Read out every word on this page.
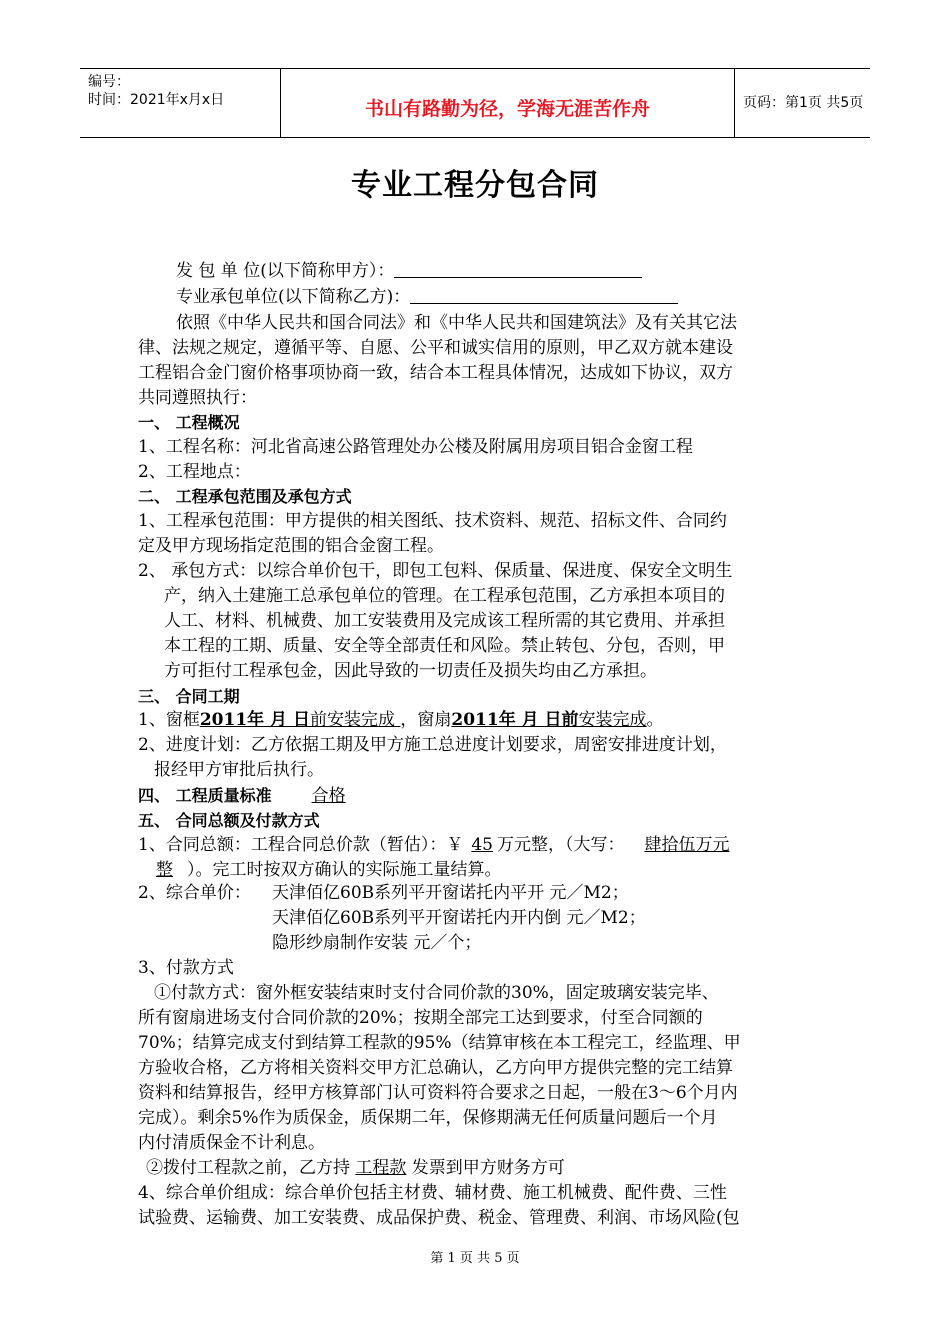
编号：
时间：2021年x月x日	书山有路勤为径，学海无涯苦作舟	页码：第1页 共5页
专业工程分包合同
发 包 单 位(以下简称甲方）：
专业承包单位(以下简称乙方)：
依照《中华人民共和国合同法》和《中华人民共和国建筑法》及有关其它法
律、法规之规定，遵循平等、自愿、公平和诚实信用的原则，甲乙双方就本建设
工程铝合金门窗价格事项协商一致，结合本工程具体情况，达成如下协议，双方
共同遵照执行：
一、 工程概况
1、工程名称：河北省高速公路管理处办公楼及附属用房项目铝合金窗工程
2、工程地点：
二、 工程承包范围及承包方式
1、工程承包范围：甲方提供的相关图纸、技术资料、规范、招标文件、合同约
定及甲方现场指定范围的铝合金窗工程。
2、 承包方式：以综合单价包干，即包工包料、保质量、保进度、保安全文明生
产，纳入土建施工总承包单位的管理。在工程承包范围，乙方承担本项目的
人工、材料、机械费、加工安装费用及完成该工程所需的其它费用、并承担
本工程的工期、质量、安全等全部责任和风险。禁止转包、分包，否则，甲
方可拒付工程承包金，因此导致的一切责任及损失均由乙方承担。
三、 合同工期
1、窗框2011年 月 日前安装完成 ，窗扇2011年 月 日前安装完成。
2、进度计划：乙方依据工期及甲方施工总进度计划要求，周密安排进度计划，
报经甲方审批后执行。
四、 工程质量标准 合格
五、 合同总额及付款方式
1、合同总额：工程合同总价款（暂估）：￥ 45 万元整，（大写： 肆拾伍万元
整 ）。完工时按双方确认的实际施工量结算。
2、综合单价： 天津佰亿60B系列平开窗诺托内平开 元／M2；
天津佰亿60B系列平开窗诺托内开内倒 元／M2；
隐形纱扇制作安装 元／个；
3、付款方式
①付款方式：窗外框安装结束时支付合同价款的30%，固定玻璃安装完毕、
所有窗扇进场支付合同价款的20%；按期全部完工达到要求，付至合同额的
70%；结算完成支付到结算工程款的95%（结算审核在本工程完工，经监理、甲
方验收合格，乙方将相关资料交甲方汇总确认，乙方向甲方提供完整的完工结算
资料和结算报告，经甲方核算部门认可资料符合要求之日起，一般在3～6个月内
完成）。剩余5%作为质保金，质保期二年，保修期满无任何质量问题后一个月
内付清质保金不计利息。
②拨付工程款之前，乙方持 工程款 发票到甲方财务方可
4、综合单价组成：综合单价包括主材费、辅材费、施工机械费、配件费、三性
试验费、运输费、加工安装费、成品保护费、税金、管理费、利润、市场风险(包
第 1 页 共 5 页
